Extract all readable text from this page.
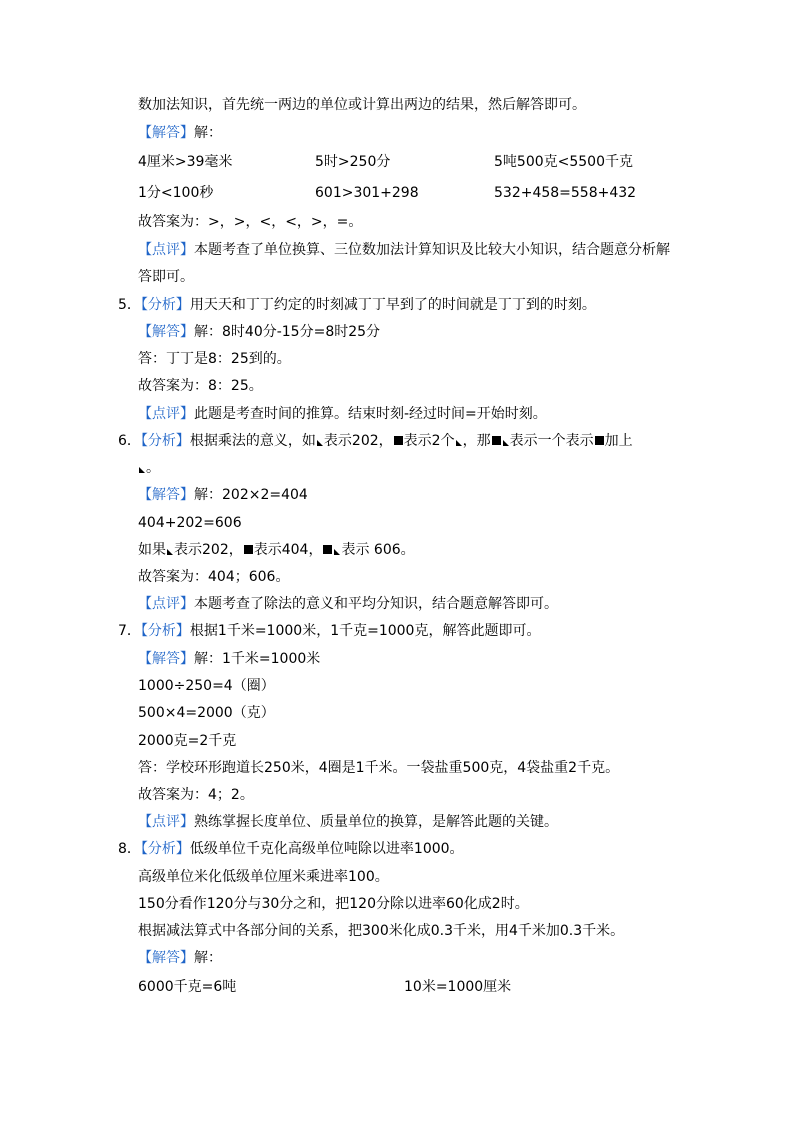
数加法知识，首先统一两边的单位或计算出两边的结果，然后解答即可。
【解答】解：
4厘米>39毫米	5时>250分	5吨500克<5500千克
1分<100秒	601>301+298	532+458=558+432
故答案为：>，>，<，<，>，=。
【点评】本题考查了单位换算、三位数加法计算知识及比较大小知识，结合题意分析解
答即可。
5．【分析】用天天和丁丁约定的时刻减丁丁早到了的时间就是丁丁到的时刻。
【解答】解：8时40分-15分=8时25分
答：丁丁是8：25到的。
故答案为：8：25。
【点评】此题是考查时间的推算。结束时刻-经过时间=开始时刻。
6．【分析】根据乘法的意义，如 表示202， 表示2个 ，那 表示一个表示 加上
。
【解答】解：202×2=404
404+202=606
如果 表示202， 表示404， 表示 606。
故答案为：404；606。
【点评】本题考查了除法的意义和平均分知识，结合题意解答即可。
7．【分析】根据1千米=1000米，1千克=1000克，解答此题即可。
【解答】解：1千米=1000米
1000÷250=4（圈）
500×4=2000（克）
2000克=2千克
答：学校环形跑道长250米，4圈是1千米。一袋盐重500克，4袋盐重2千克。
故答案为：4；2。
【点评】熟练掌握长度单位、质量单位的换算，是解答此题的关键。
8．【分析】低级单位千克化高级单位吨除以进率1000。
高级单位米化低级单位厘米乘进率100。
150分看作120分与30分之和，把120分除以进率60化成2时。
根据减法算式中各部分间的关系，把300米化成0.3千米，用4千米加0.3千米。
【解答】解：
6000千克=6吨	10米=1000厘米
